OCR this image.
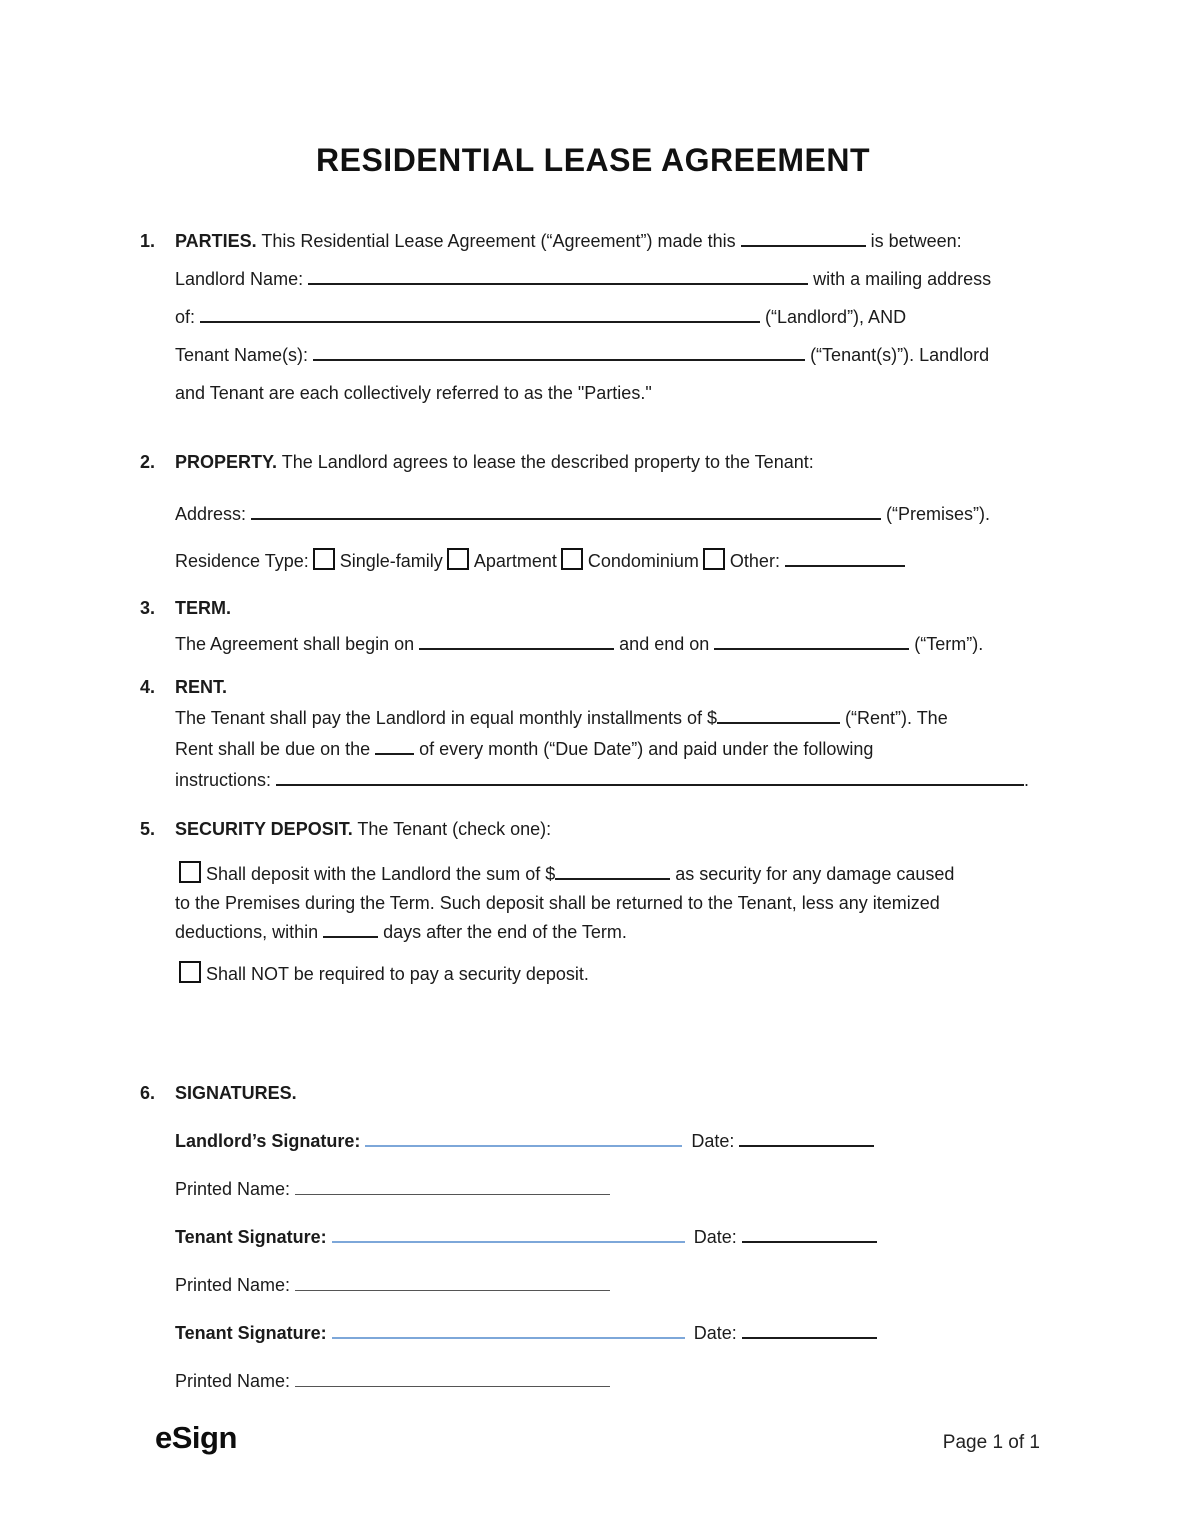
RESIDENTIAL LEASE AGREEMENT
1.	PARTIES. This Residential Lease Agreement (“Agreement”) made this	is between:
Landlord Name:	with a mailing address
of:	(“Landlord”), AND
Tenant Name(s):	(“Tenant(s)”). Landlord
and Tenant are each collectively referred to as the "Parties."
2.	PROPERTY. The Landlord agrees to lease the described property to the Tenant:
Address:	(“Premises”).
Residence Type: Single-family Apartment Condominium Other:
3.	TERM.
The Agreement shall begin on	and end on	(“Term”).
4.	RENT.
The Tenant shall pay the Landlord in equal monthly installments of $	(“Rent”). The
Rent shall be due on the  of every month (“Due Date”) and paid under the following
instructions:	.
5.	SECURITY DEPOSIT. The Tenant (check one):
Shall deposit with the Landlord the sum of $	as security for any damage caused
to the Premises during the Term. Such deposit shall be returned to the Tenant, less any itemized
deductions, within	days after the end of the Term.
Shall NOT be required to pay a security deposit.
6.	SIGNATURES.
Landlord’s Signature:	Date:
Printed Name:
Tenant Signature:	Date:
Printed Name:
Tenant Signature:	Date:
Printed Name:
eSign	Page 1 of 1
